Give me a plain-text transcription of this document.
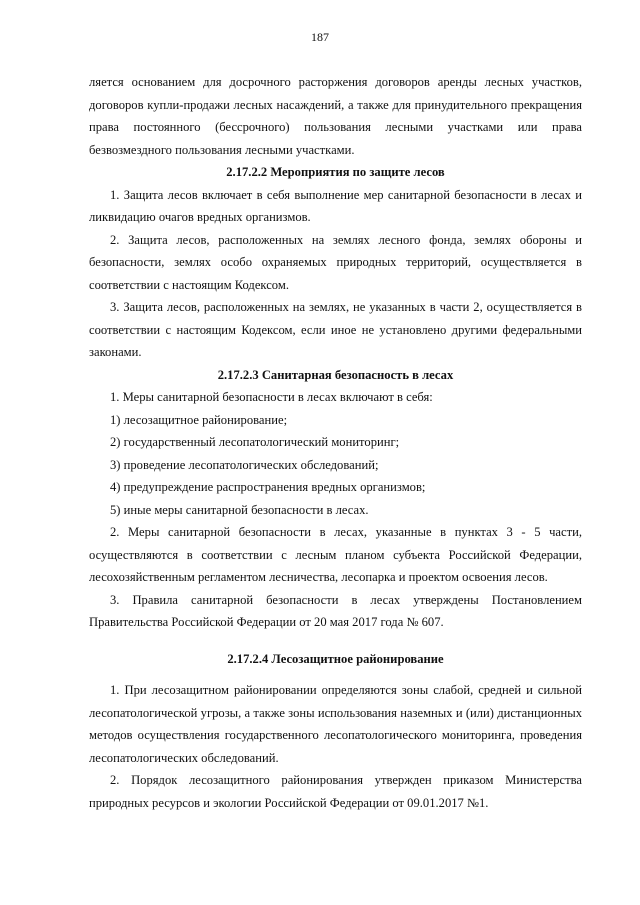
187

ляется основанием для досрочного расторжения договоров аренды лесных участков, договоров купли-продажи лесных насаждений, а также для принудительного прекращения права постоянного (бессрочного) пользования лесными участками или права безвозмездного пользования лесными участками.

2.17.2.2 Мероприятия по защите лесов

1. Защита лесов включает в себя выполнение мер санитарной безопасности в лесах и ликвидацию очагов вредных организмов.

2. Защита лесов, расположенных на землях лесного фонда, землях обороны и безопасности, землях особо охраняемых природных территорий, осуществляется в соответствии с настоящим Кодексом.

3. Защита лесов, расположенных на землях, не указанных в части 2, осуществляется в соответствии с настоящим Кодексом, если иное не установлено другими федеральными законами.

2.17.2.3 Санитарная безопасность в лесах

1. Меры санитарной безопасности в лесах включают в себя:

1) лесозащитное районирование;

2) государственный лесопатологический мониторинг;

3) проведение лесопатологических обследований;

4) предупреждение распространения вредных организмов;

5) иные меры санитарной безопасности в лесах.

2. Меры санитарной безопасности в лесах, указанные в пунктах 3 - 5 части, осуществляются в соответствии с лесным планом субъекта Российской Федерации, лесохозяйственным регламентом лесничества, лесопарка и проектом освоения лесов.

3. Правила санитарной безопасности в лесах утверждены Постановлением Правительства Российской Федерации от 20 мая 2017 года № 607.

2.17.2.4 Лесозащитное районирование

1. При лесозащитном районировании определяются зоны слабой, средней и сильной лесопатологической угрозы, а также зоны использования наземных и (или) дистанционных методов осуществления государственного лесопатологического мониторинга, проведения лесопатологических обследований.

2. Порядок лесозащитного районирования утвержден приказом Министерства природных ресурсов и экологии Российской Федерации от 09.01.2017 №1.
